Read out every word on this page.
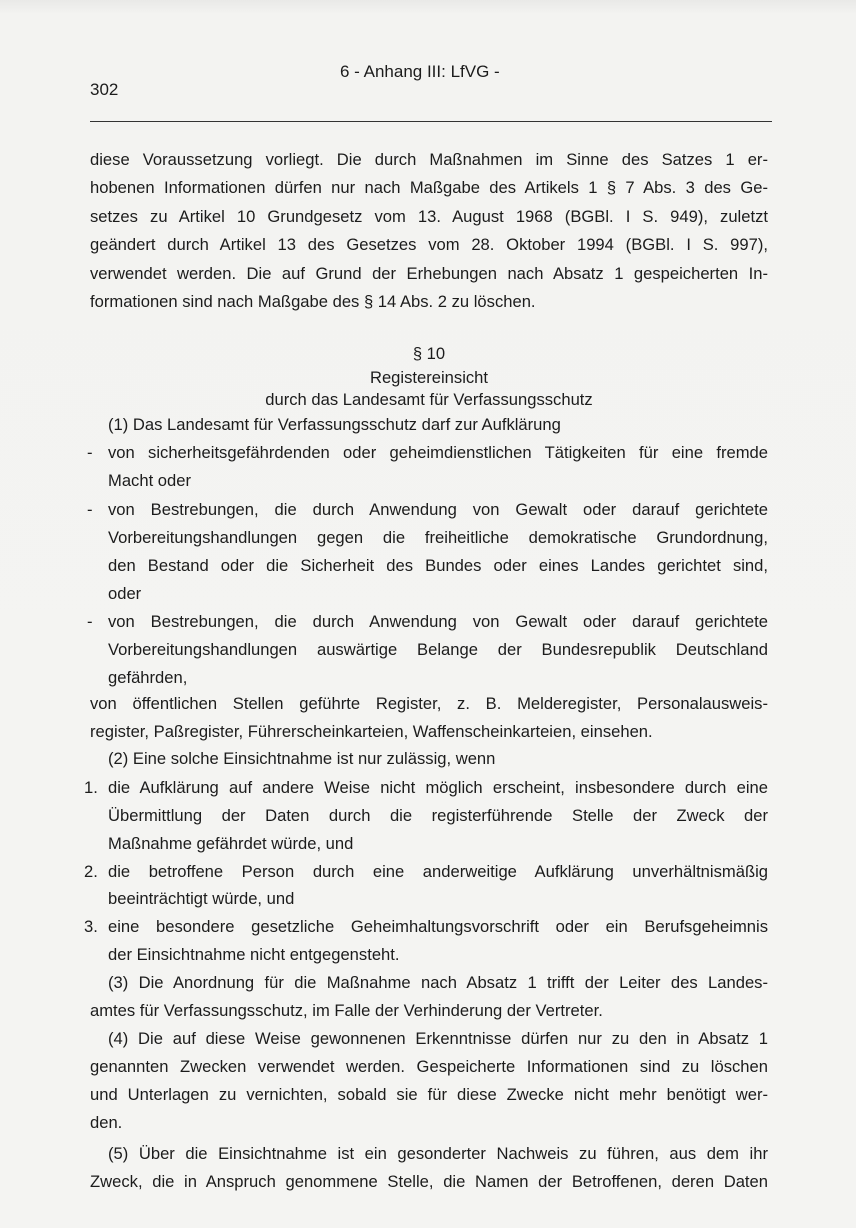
6 - Anhang III: LfVG -
302
diese Voraussetzung vorliegt. Die durch Maßnahmen im Sinne des Satzes 1 er-
hobenen Informationen dürfen nur nach Maßgabe des Artikels 1 § 7 Abs. 3 des Ge-
setzes zu Artikel 10 Grundgesetz vom 13. August 1968 (BGBl. I S. 949), zuletzt
geändert durch Artikel 13 des Gesetzes vom 28. Oktober 1994 (BGBl. I S. 997),
verwendet werden. Die auf Grund der Erhebungen nach Absatz 1 gespeicherten In-
formationen sind nach Maßgabe des § 14 Abs. 2 zu löschen.
§ 10
Registereinsicht
durch das Landesamt für Verfassungsschutz
(1) Das Landesamt für Verfassungsschutz darf zur Aufklärung
- von sicherheitsgefährdenden oder geheimdienstlichen Tätigkeiten für eine fremde
Macht oder
- von Bestrebungen, die durch Anwendung von Gewalt oder darauf gerichtete
Vorbereitungshandlungen gegen die freiheitliche demokratische Grundordnung,
den Bestand oder die Sicherheit des Bundes oder eines Landes gerichtet sind,
oder
- von Bestrebungen, die durch Anwendung von Gewalt oder darauf gerichtete
Vorbereitungshandlungen auswärtige Belange der Bundesrepublik Deutschland
gefährden,
von öffentlichen Stellen geführte Register, z. B. Melderegister, Personalausweis-
register, Paßregister, Führerscheinkarteien, Waffenscheinkarteien, einsehen.
(2) Eine solche Einsichtnahme ist nur zulässig, wenn
1. die Aufklärung auf andere Weise nicht möglich erscheint, insbesondere durch eine
Übermittlung der Daten durch die registerführende Stelle der Zweck der
Maßnahme gefährdet würde, und
2. die betroffene Person durch eine anderweitige Aufklärung unverhältnismäßig
beeinträchtigt würde, und
3. eine besondere gesetzliche Geheimhaltungsvorschrift oder ein Berufsgeheimnis
der Einsichtnahme nicht entgegensteht.
(3) Die Anordnung für die Maßnahme nach Absatz 1 trifft der Leiter des Landes-
amtes für Verfassungsschutz, im Falle der Verhinderung der Vertreter.
(4) Die auf diese Weise gewonnenen Erkenntnisse dürfen nur zu den in Absatz 1
genannten Zwecken verwendet werden. Gespeicherte Informationen sind zu löschen
und Unterlagen zu vernichten, sobald sie für diese Zwecke nicht mehr benötigt wer-
den.
(5) Über die Einsichtnahme ist ein gesonderter Nachweis zu führen, aus dem ihr
Zweck, die in Anspruch genommene Stelle, die Namen der Betroffenen, deren Daten
